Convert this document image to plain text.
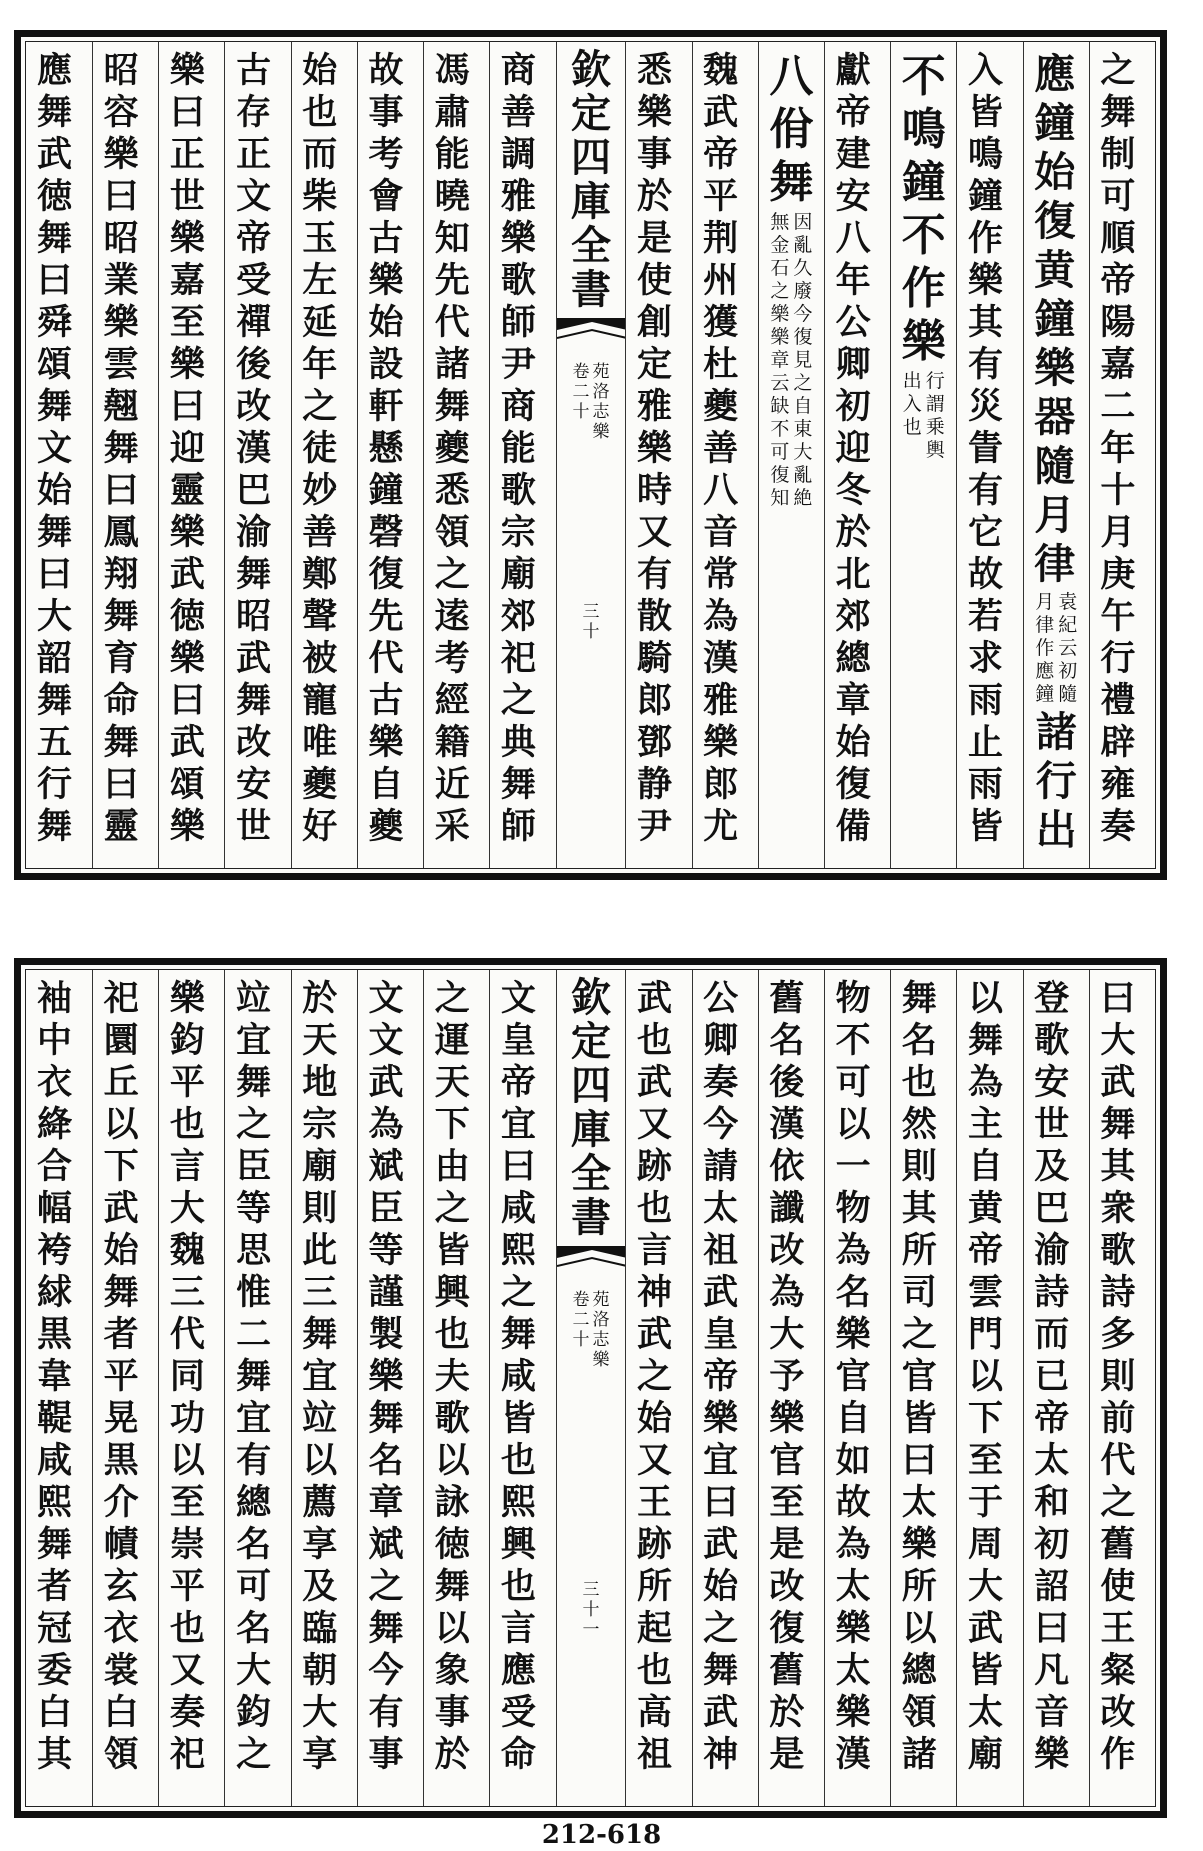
之舞制可順帝陽嘉二年十月庚午行禮辟雍奏
應鐘始復黄鐘樂器隨月律
袁紀云初隨
月律作應鐘
諸行出
入皆鳴鐘作樂其有災眚有它故若求雨止雨皆
不鳴鐘不作樂
行謂乗輿
出入也
獻帝建安八年公卿初迎冬於北郊總章始復備
八佾舞
因亂久廢今復見之自東大亂絶
無金石之樂樂章云缺不可復知
魏武帝平荆州獲杜夔善八音常為漢雅樂郎尤
悉樂事於是使創定雅樂時又有散騎郎鄧静尹
欽定四庫全書
苑洛志樂
卷二十
三十
商善調雅樂歌師尹商能歌宗廟郊祀之典舞師
馮肅能曉知先代諸舞夔悉領之逺考經籍近采
故事考會古樂始設軒懸鐘磬復先代古樂自夔
始也而柴玉左延年之徒妙善鄭聲被寵唯夔好
古存正文帝受禪後改漢巴渝舞昭武舞改安世
樂曰正世樂嘉至樂曰迎靈樂武徳樂曰武頌樂
昭容樂曰昭業樂雲翹舞曰鳳翔舞育命舞曰靈
應舞武徳舞曰舜頌舞文始舞曰大韶舞五行舞
曰大武舞其衆歌詩多則前代之舊使王粲改作
登歌安世及巴渝詩而已帝太和初詔曰凡音樂
以舞為主自黄帝雲門以下至于周大武皆太廟
舞名也然則其所司之官皆曰太樂所以總領諸
物不可以一物為名樂官自如故為太樂太樂漢
舊名後漢依讖改為大予樂官至是改復舊於是
公卿奏今請太祖武皇帝樂宜曰武始之舞武神
武也武又跡也言神武之始又王跡所起也高祖
欽定四庫全書
苑洛志樂
卷二十
三十一
文皇帝宜曰咸熙之舞咸皆也熙興也言應受命
之運天下由之皆興也夫歌以詠徳舞以象事於
文文武為斌臣等謹製樂舞名章斌之舞今有事
於天地宗廟則此三舞宜竝以薦享及臨朝大享
竝宜舞之臣等思惟二舞宜有總名可名大鈞之
樂鈞平也言大魏三代同功以至崇平也又奏祀
祀圜丘以下武始舞者平晃黒介幘玄衣裳白領
袖中衣絳合幅袴絿黒韋鞮咸熙舞者冠委白其
212-618
